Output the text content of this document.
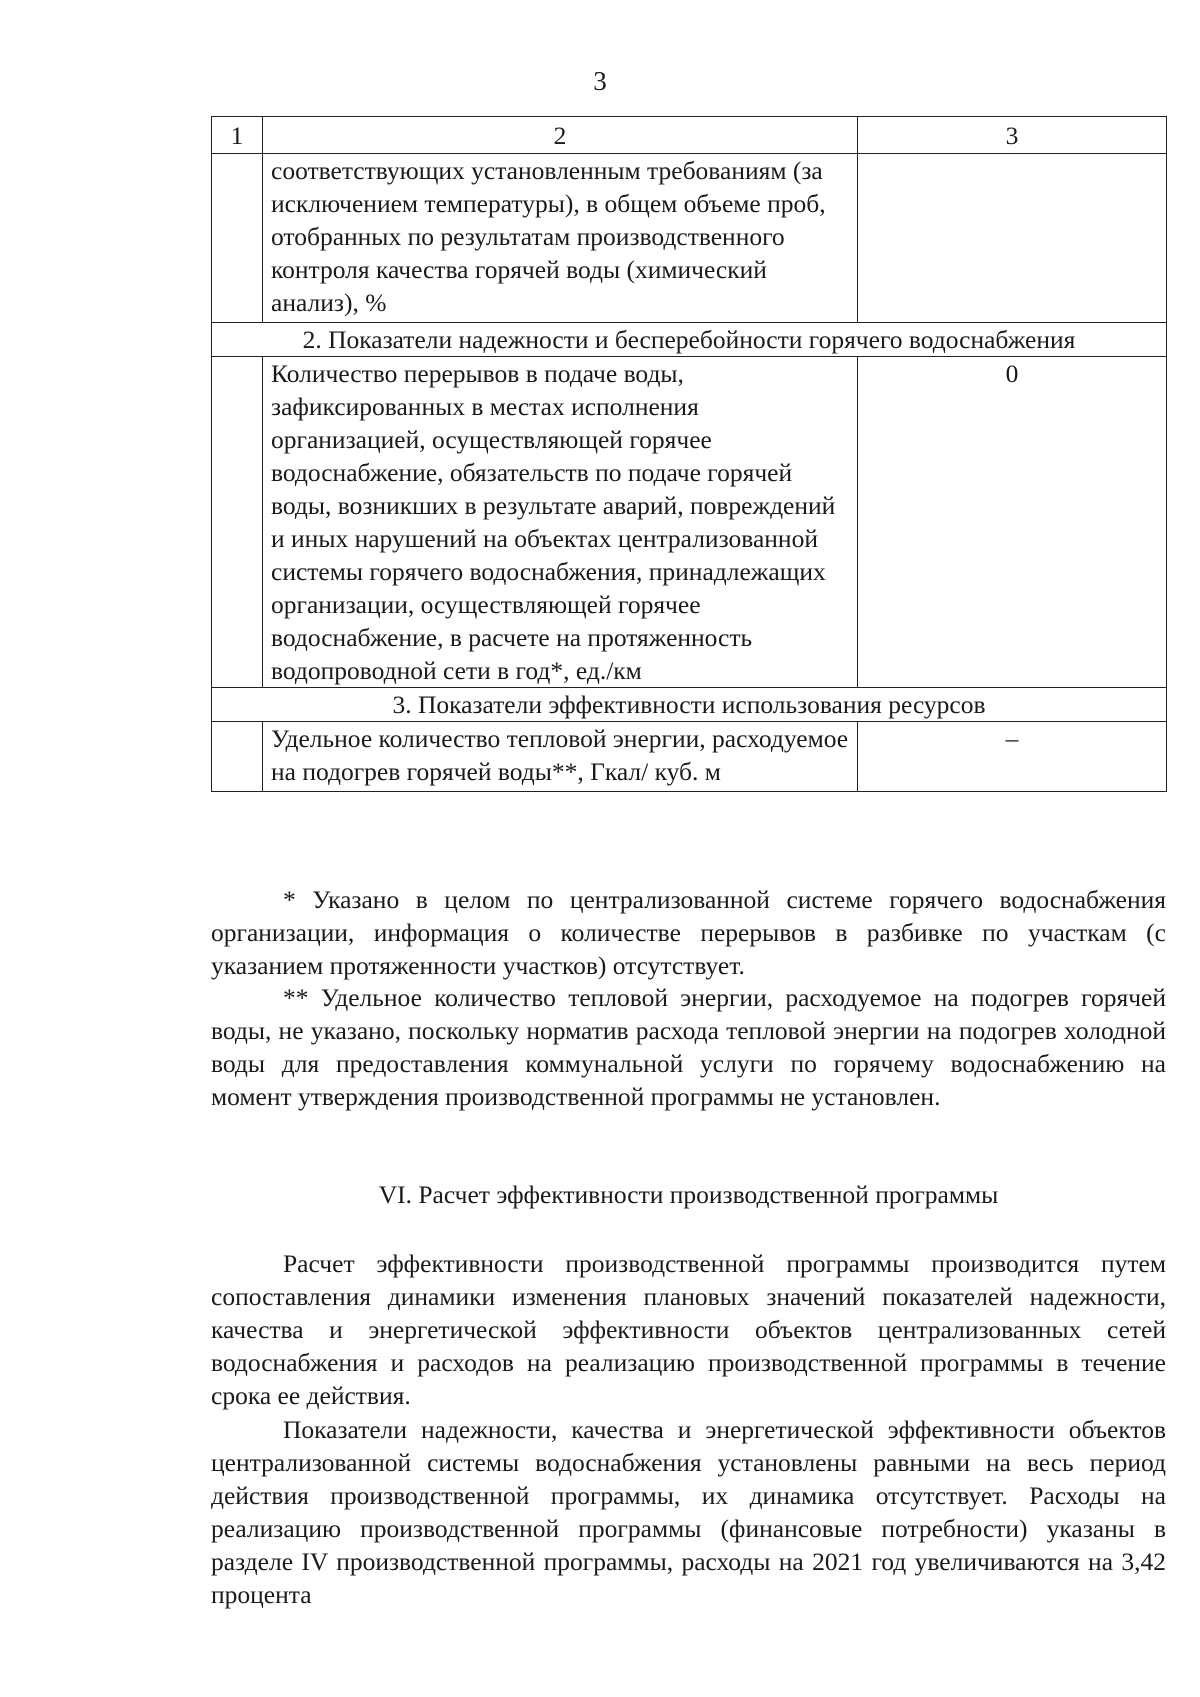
3
1	2	3
	соответствующих установленным требованиям (за исключением температуры), в общем объеме проб, отобранных по результатам производственного контроля качества горячей воды (химический анализ), %	
2. Показатели надежности и бесперебойности горячего водоснабжения		
	Количество перерывов в подаче воды, зафиксированных в местах исполнения организацией, осуществляющей горячее водоснабжение, обязательств по подаче горячей воды, возникших в результате аварий, повреждений и иных нарушений на объектах централизованной системы горячего водоснабжения, принадлежащих организации, осуществляющей горячее водоснабжение, в расчете на протяженность водопроводной сети в год*, ед./км	0
3. Показатели эффективности использования ресурсов		
	Удельное количество тепловой энергии, расходуемое на подогрев горячей воды**, Гкал/ куб. м	–

* Указано в целом по централизованной системе горячего водоснабжения организации, информация о количестве перерывов в разбивке по участкам (с указанием протяженности участков) отсутствует.

** Удельное количество тепловой энергии, расходуемое на подогрев горячей воды, не указано, поскольку норматив расхода тепловой энергии на подогрев холодной воды для предоставления коммунальной услуги по горячему водоснабжению на момент утверждения производственной программы не установлен.

VI. Расчет эффективности производственной программы

Расчет эффективности производственной программы производится путем сопоставления динамики изменения плановых значений показателей надежности, качества и энергетической эффективности объектов централизованных сетей водоснабжения и расходов на реализацию производственной программы в течение срока ее действия.

Показатели надежности, качества и энергетической эффективности объектов централизованной системы водоснабжения установлены равными на весь период действия производственной программы, их динамика отсутствует. Расходы на реализацию производственной программы (финансовые потребности) указаны в разделе IV производственной программы, расходы на 2021 год увеличиваются на 3,42 процента
